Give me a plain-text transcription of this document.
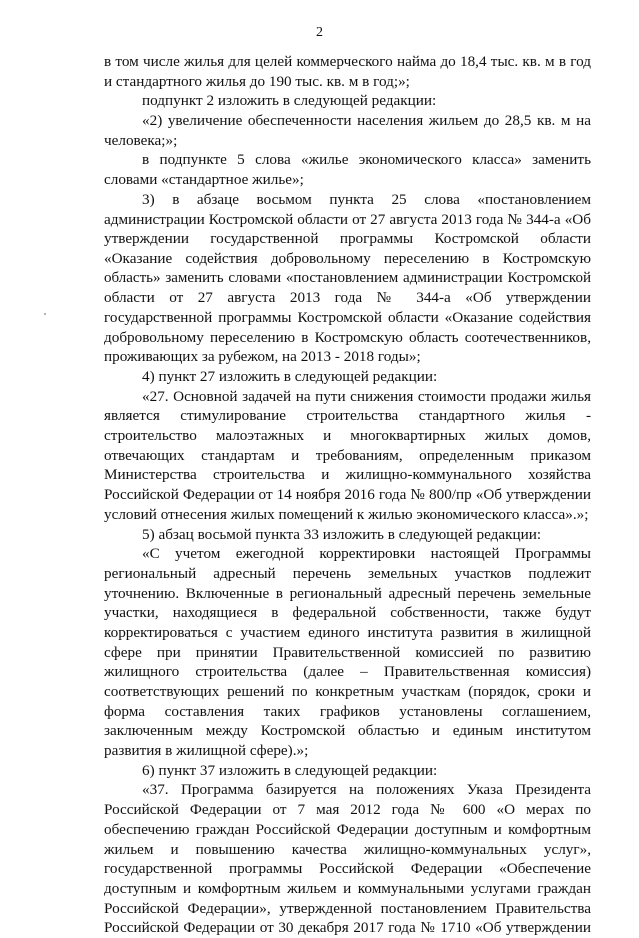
2
в том числе жилья для целей коммерческого найма до 18,4 тыс. кв. м в год
и стандартного жилья до 190 тыс. кв. м в год;»;
подпункт 2 изложить в следующей редакции:
«2) увеличение обеспеченности населения жильем до 28,5 кв. м на
человека;»;
в подпункте 5 слова «жилье экономического класса» заменить
словами «стандартное жилье»;
3) в абзаце восьмом пункта 25 слова «постановлением
администрации Костромской области от 27 августа 2013 года № 344-а «Об
утверждении государственной программы Костромской области
«Оказание содействия добровольному переселению в Костромскую
область» заменить словами «постановлением администрации Костромской
области от 27 августа 2013 года № 344-а «Об утверждении
государственной программы Костромской области «Оказание содействия
добровольному переселению в Костромскую область соотечественников,
проживающих за рубежом, на 2013 - 2018 годы»;
4) пункт 27 изложить в следующей редакции:
«27. Основной задачей на пути снижения стоимости продажи жилья
является стимулирование строительства стандартного жилья -
строительство малоэтажных и многоквартирных жилых домов,
отвечающих стандартам и требованиям, определенным приказом
Министерства строительства и жилищно-коммунального хозяйства
Российской Федерации от 14 ноября 2016 года № 800/пр «Об утверждении
условий отнесения жилых помещений к жилью экономического класса».»;
5) абзац восьмой пункта 33 изложить в следующей редакции:
«С учетом ежегодной корректировки настоящей Программы
региональный адресный перечень земельных участков подлежит
уточнению. Включенные в региональный адресный перечень земельные
участки, находящиеся в федеральной собственности, также будут
корректироваться с участием единого института развития в жилищной
сфере при принятии Правительственной комиссией по развитию
жилищного строительства (далее – Правительственная комиссия)
соответствующих решений по конкретным участкам (порядок, сроки и
форма составления таких графиков установлены соглашением,
заключенным между Костромской областью и единым институтом
развития в жилищной сфере).»;
6) пункт 37 изложить в следующей редакции:
«37. Программа базируется на положениях Указа Президента
Российской Федерации от 7 мая 2012 года № 600 «О мерах по
обеспечению граждан Российской Федерации доступным и комфортным
жильем и повышению качества жилищно-коммунальных услуг»,
государственной программы Российской Федерации «Обеспечение
доступным и комфортным жильем и коммунальными услугами граждан
Российской Федерации», утвержденной постановлением Правительства
Российской Федерации от 30 декабря 2017 года № 1710 «Об утверждении
